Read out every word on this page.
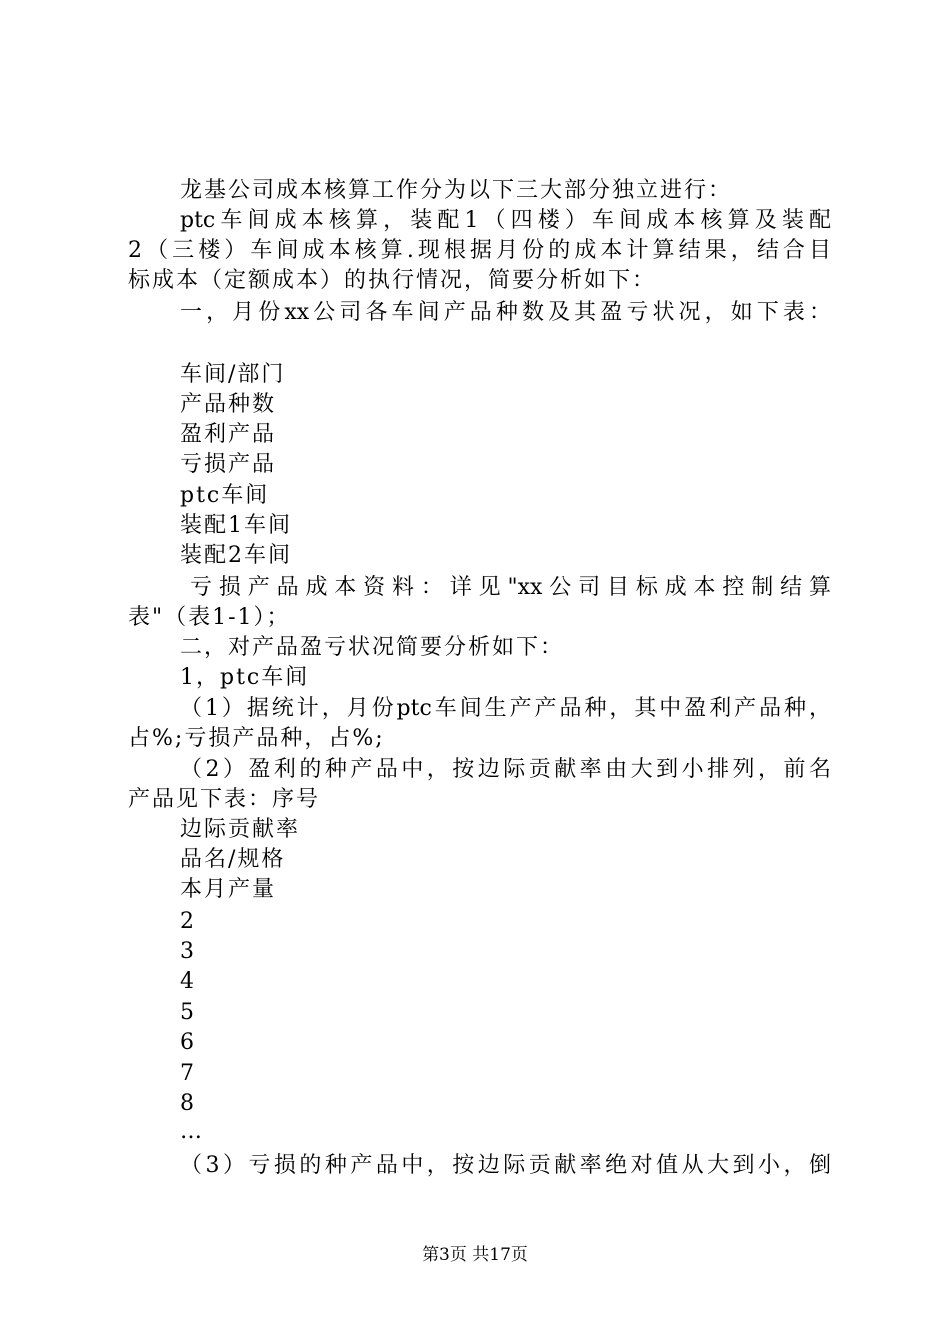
龙基公司成本核算工作分为以下三大部分独立进行：
ptc车间成本核算，装配1（四楼）车间成本核算及装配
2（三楼）车间成本核算.现根据月份的成本计算结果，结合目
标成本（定额成本）的执行情况，简要分析如下：
一，月份xx公司各车间产品种数及其盈亏状况，如下表：
车间/部门
产品种数
盈利产品
亏损产品
ptc车间
装配1车间
装配2车间
亏损产品成本资料：详见"xx公司目标成本控制结算
表"（表1-1）；
二，对产品盈亏状况简要分析如下：
1，ptc车间
（1）据统计，月份ptc车间生产产品种，其中盈利产品种，
占%;亏损产品种，占%;
（2）盈利的种产品中，按边际贡献率由大到小排列，前名
产品见下表：序号
边际贡献率
品名/规格
本月产量
2
3
4
5
6
7
8
…
（3）亏损的种产品中，按边际贡献率绝对值从大到小，倒
第3页 共17页
